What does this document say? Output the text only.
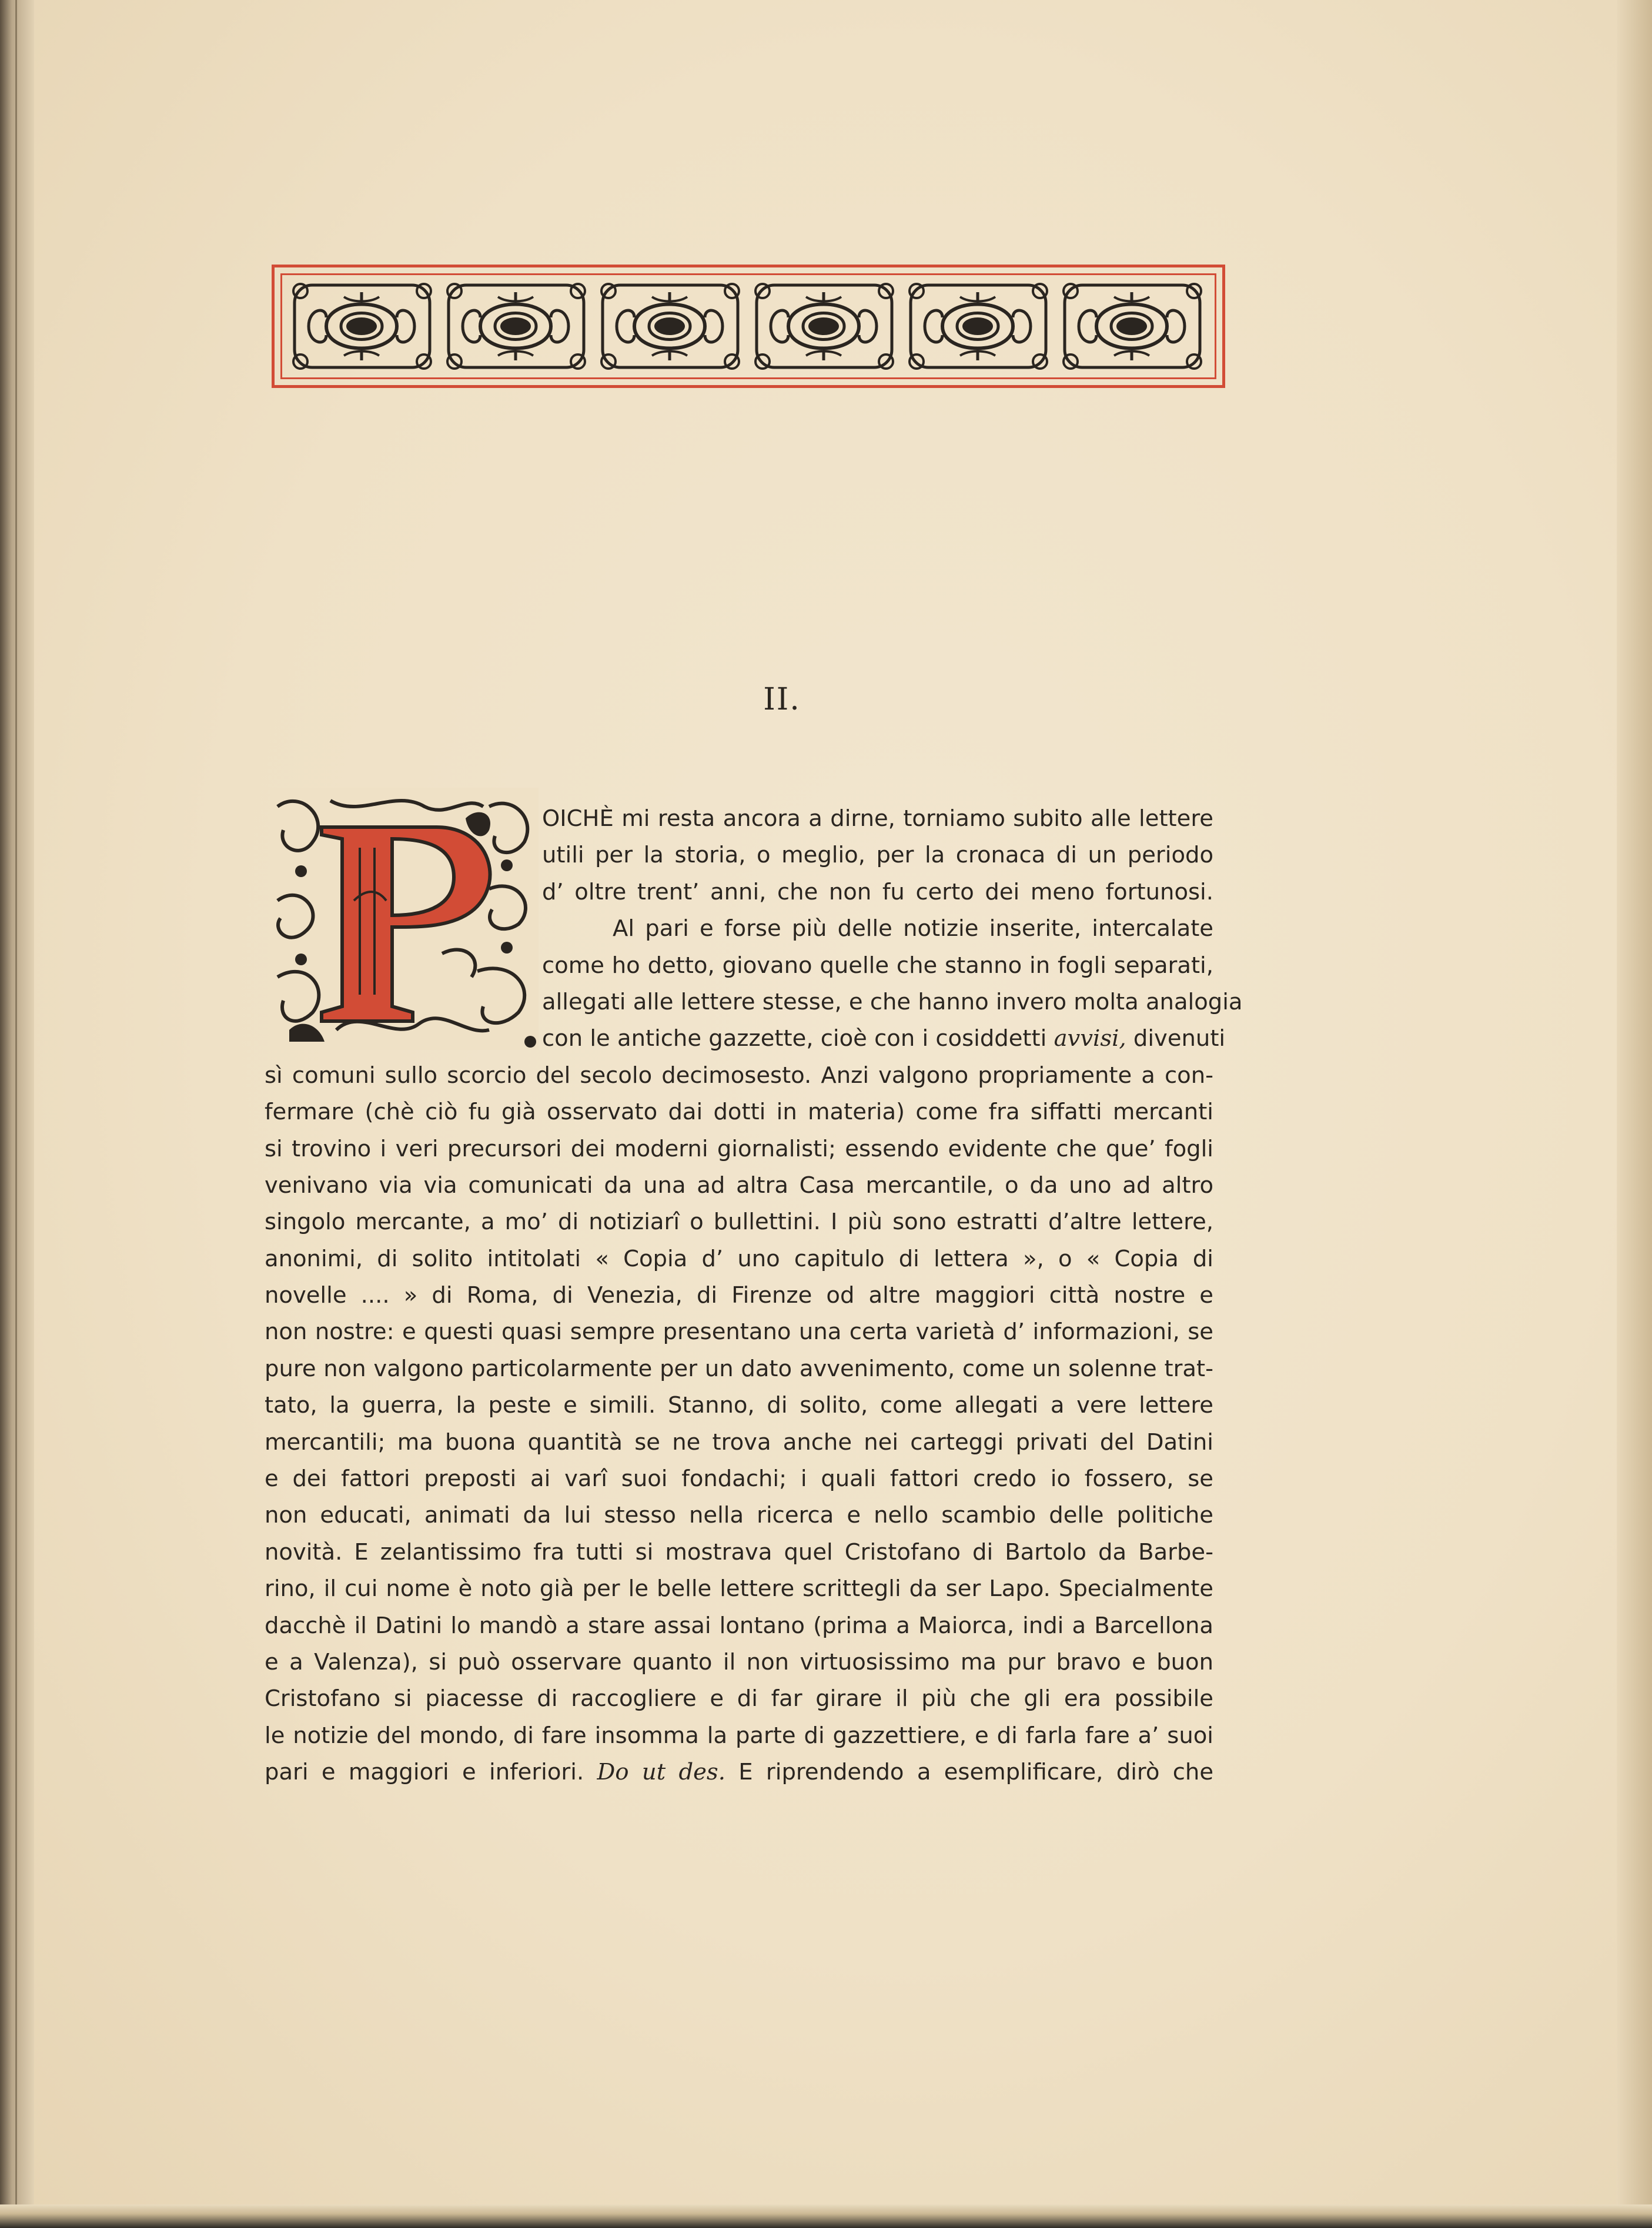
II.
OICHÈ mi resta ancora a dirne, torniamo subito alle lettere
utili per la storia, o meglio, per la cronaca di un periodo
d’ oltre trent’ anni, che non fu certo dei meno fortunosi.
Al pari e forse più delle notizie inserite, intercalate
come ho detto, giovano quelle che stanno in fogli separati,
allegati alle lettere stesse, e che hanno invero molta analogia
con le antiche gazzette, cioè con i cosiddetti avvisi, divenuti
sì comuni sullo scorcio del secolo decimosesto. Anzi valgono propriamente a con-
fermare (chè ciò fu già osservato dai dotti in materia) come fra siffatti mercanti
si trovino i veri precursori dei moderni giornalisti; essendo evidente che que’ fogli
venivano via via comunicati da una ad altra Casa mercantile, o da uno ad altro
singolo mercante, a mo’ di notiziarî o bullettini. I più sono estratti d’altre lettere,
anonimi, di solito intitolati « Copia d’ uno capitulo di lettera », o « Copia di
novelle .... » di Roma, di Venezia, di Firenze od altre maggiori città nostre e
non nostre: e questi quasi sempre presentano una certa varietà d’ informazioni, se
pure non valgono particolarmente per un dato avvenimento, come un solenne trat-
tato, la guerra, la peste e simili. Stanno, di solito, come allegati a vere lettere
mercantili; ma buona quantità se ne trova anche nei carteggi privati del Datini
e dei fattori preposti ai varî suoi fondachi; i quali fattori credo io fossero, se
non educati, animati da lui stesso nella ricerca e nello scambio delle politiche
novità. E zelantissimo fra tutti si mostrava quel Cristofano di Bartolo da Barbe-
rino, il cui nome è noto già per le belle lettere scrittegli da ser Lapo. Specialmente
dacchè il Datini lo mandò a stare assai lontano (prima a Maiorca, indi a Barcellona
e a Valenza), si può osservare quanto il non virtuosissimo ma pur bravo e buon
Cristofano si piacesse di raccogliere e di far girare il più che gli era possibile
le notizie del mondo, di fare insomma la parte di gazzettiere, e di farla fare a’ suoi
pari e maggiori e inferiori. Do ut des. E riprendendo a esemplificare, dirò che
